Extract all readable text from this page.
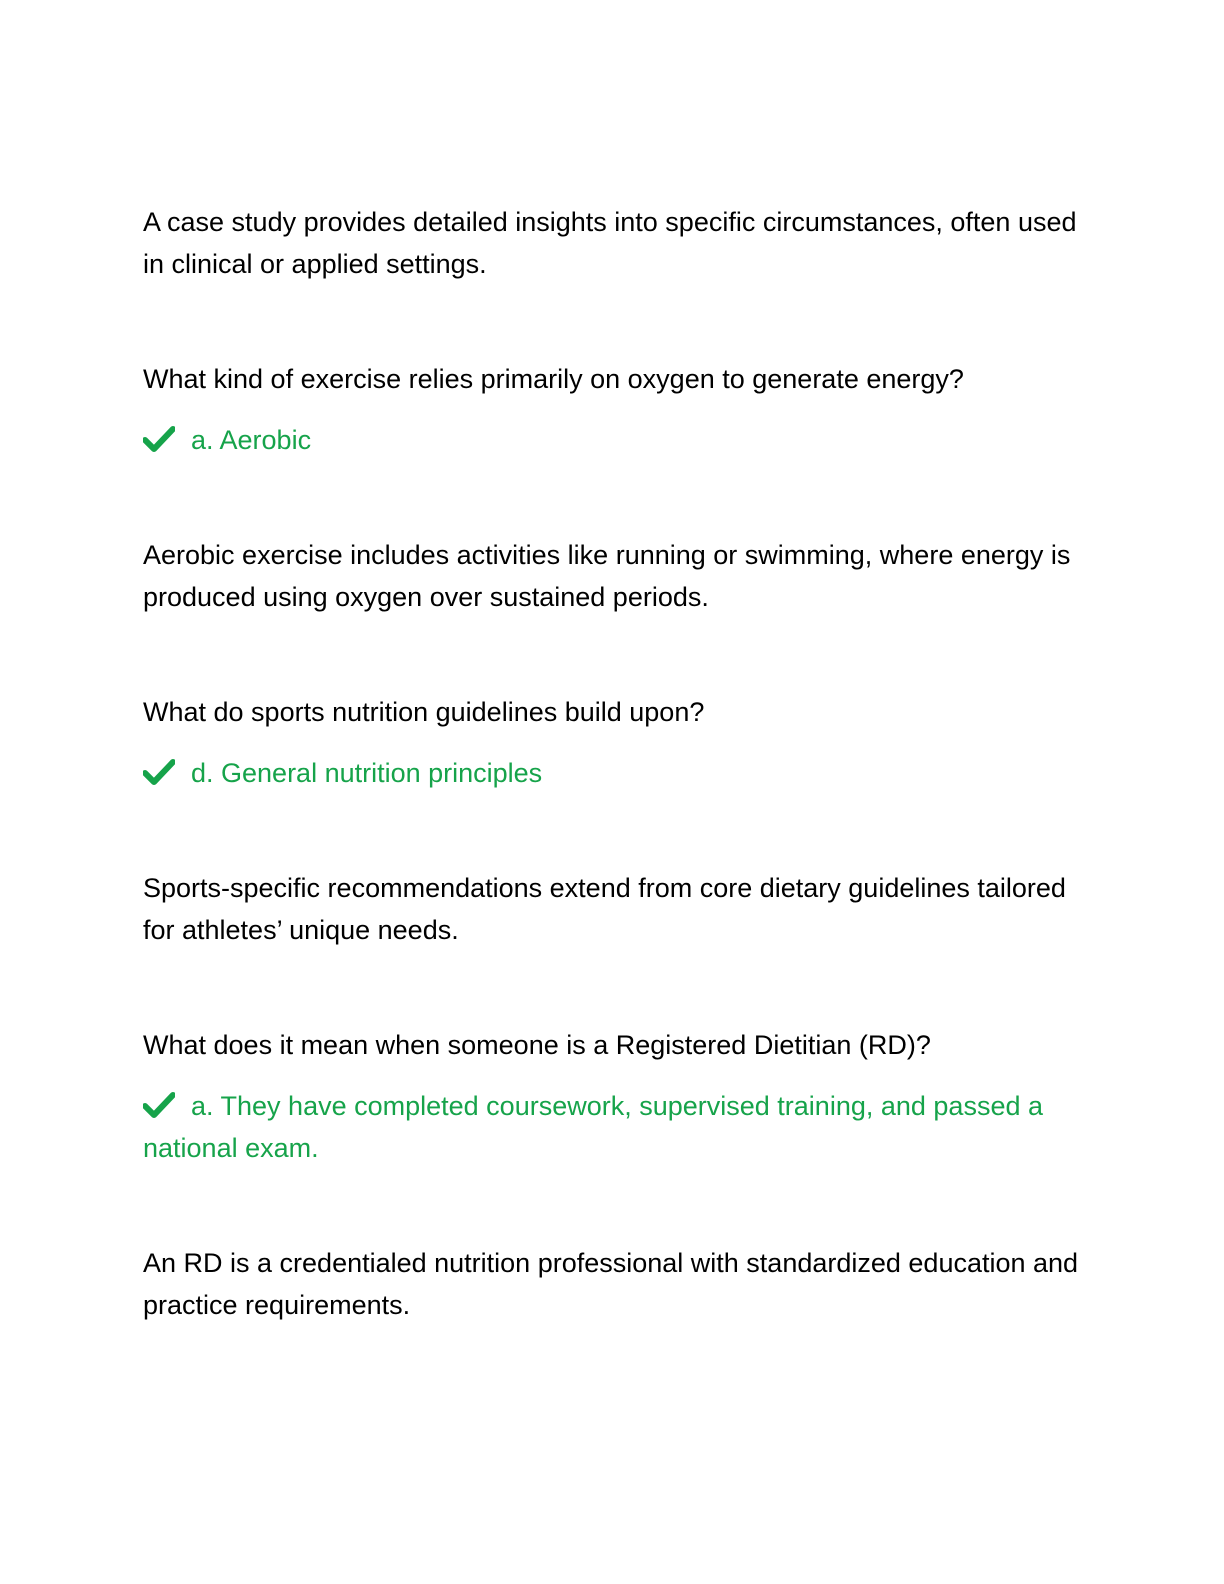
A case study provides detailed insights into specific circumstances, often used in clinical or applied settings.

What kind of exercise relies primarily on oxygen to generate energy?

a. Aerobic

Aerobic exercise includes activities like running or swimming, where energy is produced using oxygen over sustained periods.

What do sports nutrition guidelines build upon?

d. General nutrition principles

Sports-specific recommendations extend from core dietary guidelines tailored for athletes’ unique needs.

What does it mean when someone is a Registered Dietitian (RD)?

a. They have completed coursework, supervised training, and passed a national exam.

An RD is a credentialed nutrition professional with standardized education and practice requirements.
